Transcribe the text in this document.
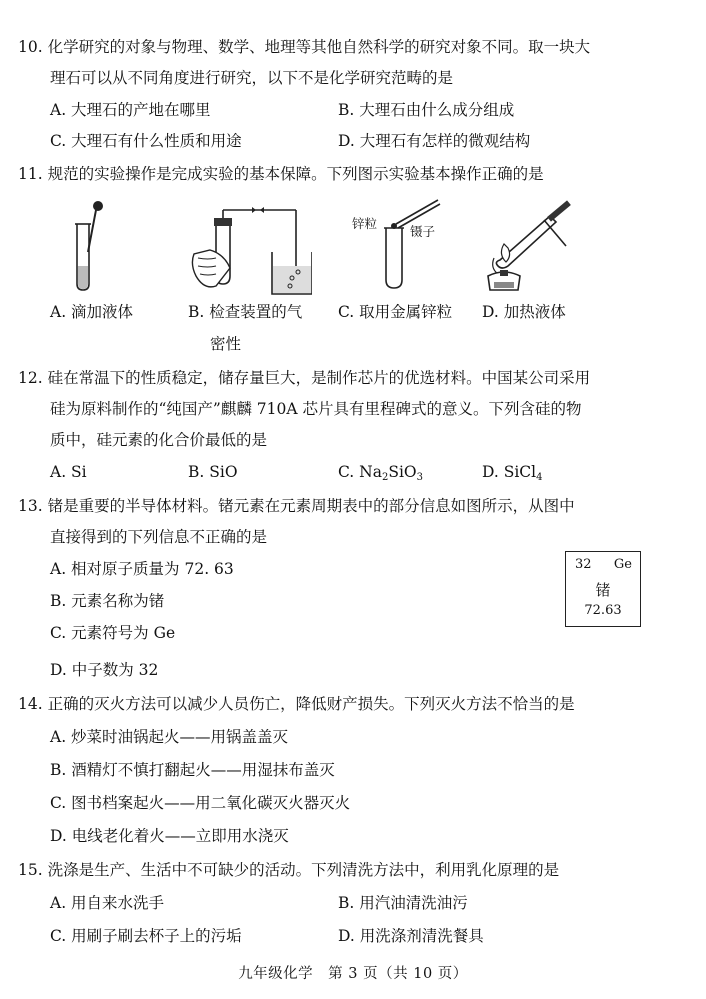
10. 化学研究的对象与物理、数学、地理等其他自然科学的研究对象不同。取一块大
理石可以从不同角度进行研究，以下不是化学研究范畴的是
A. 大理石的产地在哪里	B. 大理石由什么成分组成
C. 大理石有什么性质和用途	D. 大理石有怎样的微观结构
11. 规范的实验操作是完成实验的基本保障。下列图示实验基本操作正确的是
锌粒
镊子
A. 滴加液体	B. 检查装置的气
密性
C. 取用金属锌粒 D. 加热液体
12. 硅在常温下的性质稳定，储存量巨大，是制作芯片的优选材料。中国某公司采用
硅为原料制作的“纯国产”麒麟 710A 芯片具有里程碑式的意义。下列含硅的物
质中，硅元素的化合价最低的是
A. Si	B. SiO	C. $Na_2SiO_3$	D. SiCl$_4$
13. 锗是重要的半导体材料。锗元素在元素周期表中的部分信息如图所示，从图中
直接得到的下列信息不正确的是
A. 相对原子质量为 72. 63
B. 元素名称为锗
C. 元素符号为 Ge
D. 中子数为 32
32 Ge
锗
72.63
14. 正确的灭火方法可以减少人员伤亡，降低财产损失。下列灭火方法不恰当的是
A. 炒菜时油锅起火——用锅盖盖灭
B. 酒精灯不慎打翻起火——用湿抹布盖灭
C. 图书档案起火——用二氧化碳灭火器灭火
D. 电线老化着火——立即用水浇灭
15. 洗涤是生产、生活中不可缺少的活动。下列清洗方法中，利用乳化原理的是
A. 用自来水洗手	B. 用汽油清洗油污
C. 用刷子刷去杯子上的污垢	D. 用洗涤剂清洗餐具
九年级化学　第 3 页（共 10 页）
